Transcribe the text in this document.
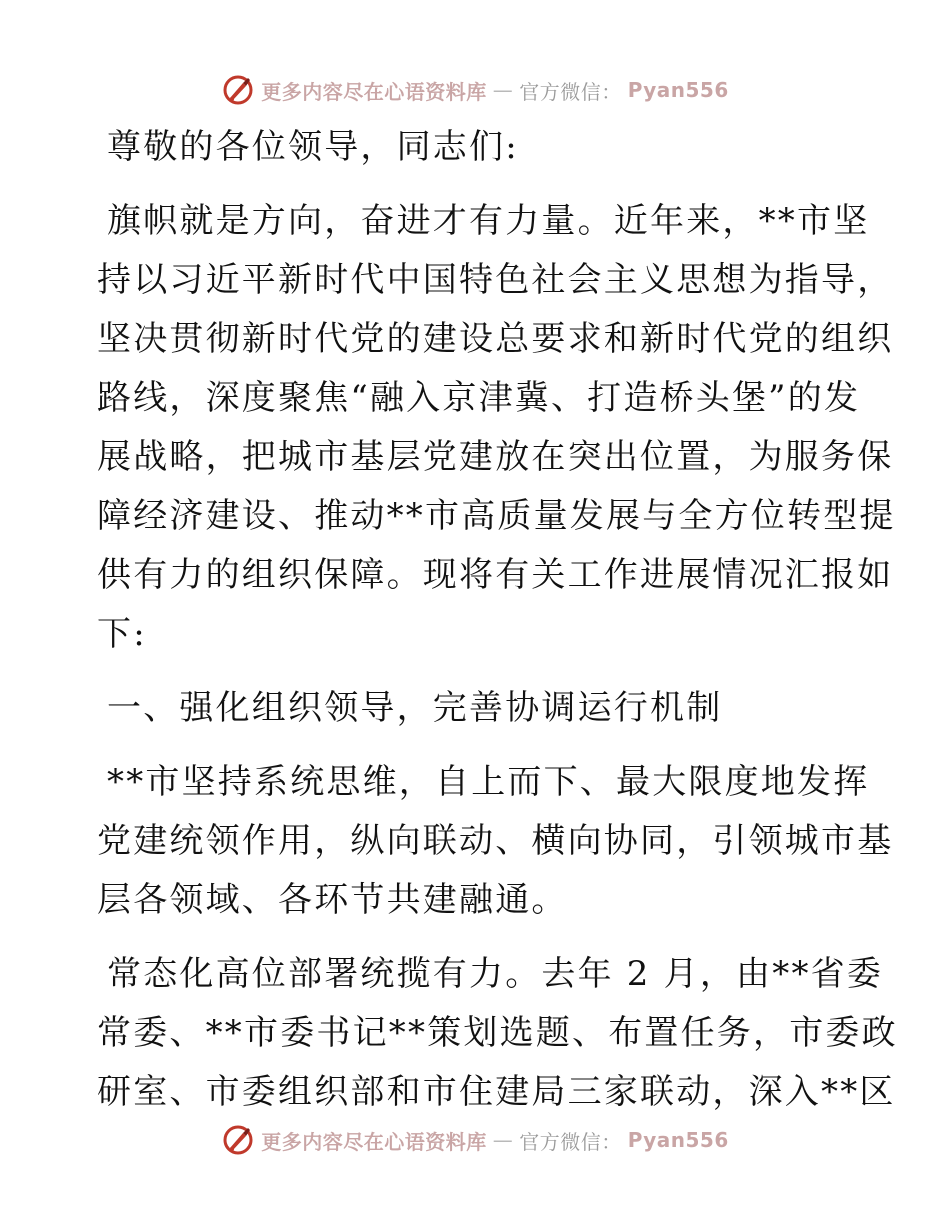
更多内容尽在心语资料库 — 官方微信： Pyan556

尊敬的各位领导，同志们:

旗帜就是方向，奋进才有力量。近年来，**市坚

持以习近平新时代中国特色社会主义思想为指导，

坚决贯彻新时代党的建设总要求和新时代党的组织

路线，深度聚焦“融入京津冀、打造桥头堡”的发

展战略，把城市基层党建放在突出位置，为服务保

障经济建设、推动**市高质量发展与全方位转型提

供有力的组织保障。现将有关工作进展情况汇报如

下:

一、强化组织领导，完善协调运行机制

**市坚持系统思维，自上而下、最大限度地发挥

党建统领作用，纵向联动、横向协同，引领城市基

层各领域、各环节共建融通。

常态化高位部署统揽有力。去年 2 月，由**省委

常委、**市委书记**策划选题、布置任务，市委政

研室、市委组织部和市住建局三家联动，深入**区

更多内容尽在心语资料库 — 官方微信： Pyan556
